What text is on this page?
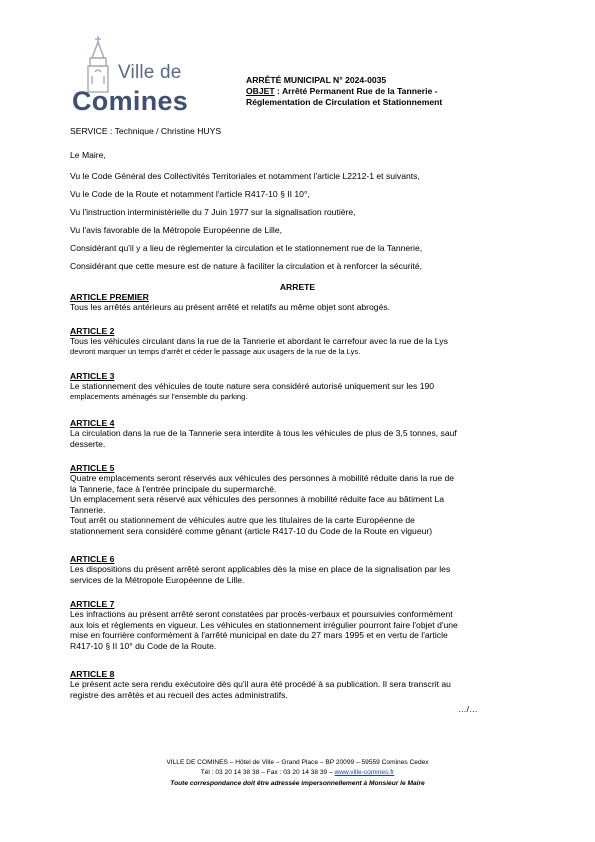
Ville de
Comines
ARRÊTÉ MUNICIPAL N° 2024-0035
OBJET : Arrêté Permanent Rue de la Tannerie -
Réglementation de Circulation et Stationnement
SERVICE : Technique / Christine HUYS
Le Maire,
Vu le Code Général des Collectivités Territoriales et notamment l'article L2212-1 et suivants,
Vu le Code de la Route et notamment l'article R417-10 § II 10°,
Vu l'instruction interministérielle du 7 Juin 1977 sur la signalisation routière,
Vu l'avis favorable de la Métropole Européenne de Lille,
Considérant qu'il y a lieu de réglementer la circulation et le stationnement rue de la Tannerie,
Considérant que cette mesure est de nature à faciliter la circulation et à renforcer la sécurité,
ARRETE
ARTICLE PREMIER
Tous les arrêtés antérieurs au présent arrêté et relatifs au même objet sont abrogés.
ARTICLE 2
Tous les véhicules circulant dans la rue de la Tannerie et abordant le carrefour avec la rue de la Lys
devront marquer un temps d'arrêt et céder le passage aux usagers de la rue de la Lys.
ARTICLE 3
Le stationnement des véhicules de toute nature sera considéré autorisé uniquement sur les 190
emplacements aménagés sur l'ensemble du parking.
ARTICLE 4
La circulation dans la rue de la Tannerie sera interdite à tous les véhicules de plus de 3,5 tonnes, sauf
desserte.
ARTICLE 5
Quatre emplacements seront réservés aux véhicules des personnes à mobilité réduite dans la rue de
la Tannerie, face à l'entrée principale du supermarché.
Un emplacement sera réservé aux véhicules des personnes à mobilité réduite face au bâtiment La
Tannerie.
Tout arrêt ou stationnement de véhicules autre que les titulaires de la carte Européenne de
stationnement sera considéré comme gênant (article R417-10 du Code de la Route en vigueur)
ARTICLE 6
Les dispositions du présent arrêté seront applicables dès la mise en place de la signalisation par les
services de la Métropole Européenne de Lille.
ARTICLE 7
Les infractions au présent arrêté seront constatées par procès-verbaux et poursuivies conformément
aux lois et règlements en vigueur. Les véhicules en stationnement irrégulier pourront faire l'objet d'une
mise en fourrière conformément à l'arrêté municipal en date du 27 mars 1995 et en vertu de l'article
R417-10 § II 10° du Code de la Route.
ARTICLE 8
Le présent acte sera rendu exécutoire dès qu'il aura été procédé à sa publication. Il sera transcrit au
registre des arrêtés et au recueil des actes administratifs.
…/…
VILLE DE COMINES – Hôtel de Ville – Grand Place – BP 20099 – 59559 Comines Cedex
Tél : 03 20 14 38 38 – Fax : 03 20 14 38 39 – www.ville-comines.fr
Toute correspondance doit être adressée impersonnellement à Monsieur le Maire
